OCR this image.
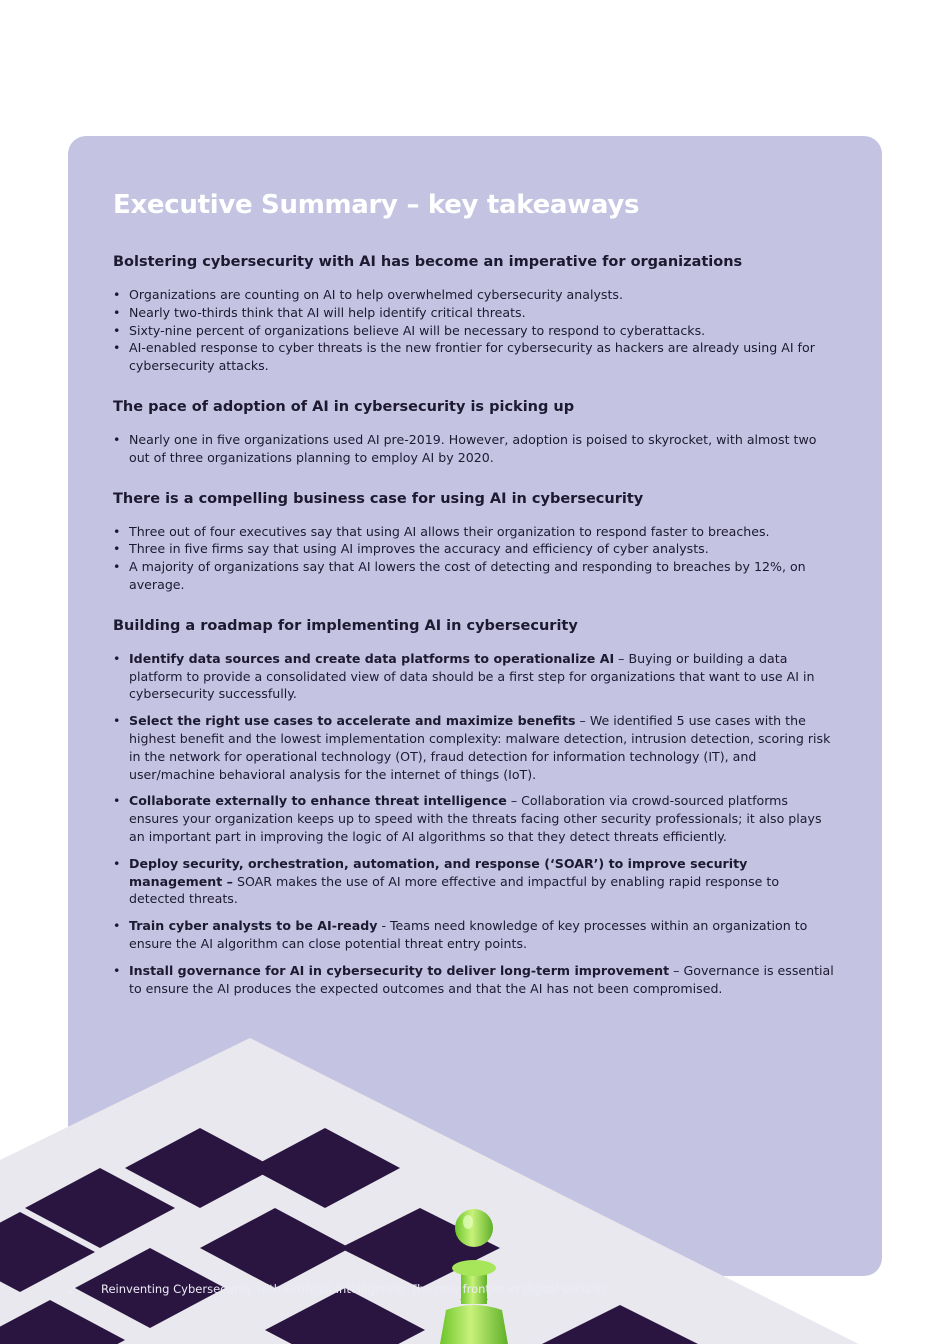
Executive Summary – key takeaways
Bolstering cybersecurity with AI has become an imperative for organizations
• Organizations are counting on AI to help overwhelmed cybersecurity analysts.
• Nearly two-thirds think that AI will help identify critical threats.
• Sixty-nine percent of organizations believe AI will be necessary to respond to cyberattacks.
• AI-enabled response to cyber threats is the new frontier for cybersecurity as hackers are already using AI for cybersecurity attacks.
The pace of adoption of AI in cybersecurity is picking up
• Nearly one in five organizations used AI pre-2019. However, adoption is poised to skyrocket, with almost two out of three organizations planning to employ AI by 2020.
There is a compelling business case for using AI in cybersecurity
• Three out of four executives say that using AI allows their organization to respond faster to breaches.
• Three in five firms say that using AI improves the accuracy and efficiency of cyber analysts.
• A majority of organizations say that AI lowers the cost of detecting and responding to breaches by 12%, on average.
Building a roadmap for implementing AI in cybersecurity
• Identify data sources and create data platforms to operationalize AI – Buying or building a data platform to provide a consolidated view of data should be a first step for organizations that want to use AI in cybersecurity successfully.
• Select the right use cases to accelerate and maximize benefits – We identified 5 use cases with the highest benefit and the lowest implementation complexity: malware detection, intrusion detection, scoring risk in the network for operational technology (OT), fraud detection for information technology (IT), and user/machine behavioral analysis for the internet of things (IoT).
• Collaborate externally to enhance threat intelligence – Collaboration via crowd-sourced platforms ensures your organization keeps up to speed with the threats facing other security professionals; it also plays an important part in improving the logic of AI algorithms so that they detect threats efficiently.
• Deploy security, orchestration, automation, and response (‘SOAR’) to improve security management – SOAR makes the use of AI more effective and impactful by enabling rapid response to detected threats.
• Train cyber analysts to be AI-ready - Teams need knowledge of key processes within an organization to ensure the AI algorithm can close potential threat entry points.
• Install governance for AI in cybersecurity to deliver long-term improvement – Governance is essential to ensure the AI produces the expected outcomes and that the AI has not been compromised.
2 Reinventing Cybersecurity with Artificial Intelligence: The new frontier in digital security
